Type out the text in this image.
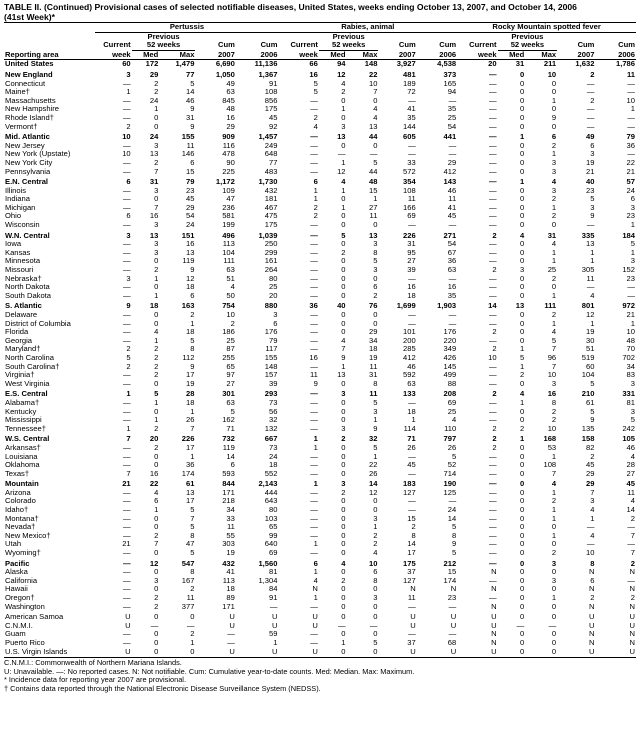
TABLE II. (Continued) Provisional cases of selected notifiable diseases, United States, weeks ending October 13, 2007, and October 14, 2006
(41st Week)*
	Pertussis					Rabies, animal					Rocky Mountain spotted fever				
		Previous					Previous					Previous			
	Current	52 weeks		Cum	Cum	Current	52 weeks		Cum	Cum	Current	52 weeks		Cum	Cum
Reporting area	week	Med	Max	2007	2006	week	Med	Max	2007	2006	week	Med	Max	2007	2006
United States	60	172	1,479	6,690	11,136	66	94	148	3,927	4,538	20	31	211	1,632	1,786
New England	3	29	77	1,050	1,367	16	12	22	481	373	—	0	10	2	11
Connecticut	—	2	5	49	91	5	4	10	189	165	—	0	0	—	—
Maine†	1	2	14	63	108	5	2	7	72	94	—	0	0	—	—
Massachusetts	—	24	46	845	856	—	0	0	—	—	—	0	1	2	10
New Hampshire	—	1	9	48	175	—	1	4	41	35	—	0	0	—	1
Rhode Island†	—	0	31	16	45	2	0	4	35	25	—	0	9	—	—
Vermont†	2	0	9	29	92	4	3	13	144	54	—	0	0	—	—
Mid. Atlantic	10	24	155	909	1,457	—	13	44	605	441	—	1	6	49	79
New Jersey	—	3	11	116	249	—	0	0	—	—	—	0	2	6	36
New York (Upstate)	10	13	146	478	648	—	—	—	—	—	—	0	1	3	—
New York City	—	2	6	90	77	—	1	5	33	29	—	0	3	19	22
Pennsylvania	—	7	15	225	483	—	12	44	572	412	—	0	3	21	21
E.N. Central	6	31	79	1,172	1,730	6	4	48	354	143	—	1	4	40	57
Illinois	—	3	23	109	432	1	1	15	108	46	—	0	3	23	24
Indiana	—	0	45	47	181	1	0	1	11	11	—	0	2	5	6
Michigan	—	7	29	236	467	2	1	27	166	41	—	0	1	3	3
Ohio	6	16	54	581	475	2	0	11	69	45	—	0	2	9	23
Wisconsin	—	3	24	199	175	—	0	0	—	—	—	0	0	—	1
W.N. Central	3	13	151	496	1,039	—	5	13	226	271	2	4	31	335	184
Iowa	—	3	16	113	250	—	0	3	31	54	—	0	4	13	5
Kansas	—	3	13	104	299	—	2	8	95	67	—	0	1	1	1
Minnesota	—	0	119	111	161	—	0	5	27	36	—	0	1	1	3
Missouri	—	2	9	63	264	—	0	3	39	63	2	3	25	305	152
Nebraska†	3	1	12	51	80	—	0	0	—	—	—	0	2	11	23
North Dakota	—	0	18	4	25	—	0	6	16	16	—	0	0	—	—
South Dakota	—	1	6	50	20	—	0	2	18	35	—	0	1	4	—
S. Atlantic	9	18	163	754	880	36	40	76	1,699	1,903	14	13	111	801	972
Delaware	—	0	2	10	3	—	0	0	—	—	—	0	2	12	21
District of Columbia	—	0	1	2	6	—	0	0	—	—	—	0	1	1	1
Florida	—	4	18	186	176	—	0	29	101	176	2	0	4	19	10
Georgia	—	1	5	25	79	—	4	34	200	220	—	0	5	30	48
Maryland†	2	2	8	87	117	—	7	18	285	349	2	1	7	51	70
North Carolina	5	2	112	255	155	16	9	19	412	426	10	5	96	519	702
South Carolina†	2	2	9	65	148	—	1	11	46	145	—	1	7	60	34
Virginia†	—	2	17	97	157	11	13	31	592	499	—	2	10	104	83
West Virginia	—	0	19	27	39	9	0	8	63	88	—	0	3	5	3
E.S. Central	1	5	28	301	293	—	3	11	133	208	2	4	16	210	331
Alabama†	—	1	18	63	73	—	0	5	—	69	—	1	8	61	81
Kentucky	—	0	1	5	56	—	0	3	18	25	—	0	2	5	3
Mississippi	—	1	26	162	32	—	0	1	1	4	—	0	2	9	5
Tennessee†	1	2	7	71	132	—	3	9	114	110	2	2	10	135	242
W.S. Central	7	20	226	732	667	1	2	32	71	797	2	1	168	158	105
Arkansas†	—	2	17	119	73	1	0	5	26	26	2	0	53	82	46
Louisiana	—	0	1	14	24	—	0	1	—	5	—	0	1	2	4
Oklahoma	—	0	36	6	18	—	0	22	45	52	—	0	108	45	28
Texas†	7	16	174	593	552	—	0	26	—	714	—	0	7	29	27
Mountain	21	22	61	844	2,143	1	3	14	183	190	—	0	4	29	45
Arizona	—	4	13	171	444	—	2	12	127	125	—	0	1	7	11
Colorado	—	6	17	218	643	—	0	0	—	—	—	0	2	3	4
Idaho†	—	1	5	34	80	—	0	0	—	24	—	0	1	4	14
Montana†	—	0	7	33	103	—	0	3	15	14	—	0	1	1	2
Nevada†	—	0	5	11	65	—	0	1	2	5	—	0	0	—	—
New Mexico†	—	2	8	55	99	—	0	2	8	8	—	0	1	4	7
Utah	21	7	47	303	640	1	0	2	14	9	—	0	0	—	—
Wyoming†	—	0	5	19	69	—	0	4	17	5	—	0	2	10	7
Pacific	—	12	547	432	1,560	6	4	10	175	212	—	0	3	8	2
Alaska	—	0	8	41	81	1	0	6	37	15	N	0	0	N	N
California	—	3	167	113	1,304	4	2	8	127	174	—	0	3	6	—
Hawaii	—	0	2	18	84	N	0	0	N	N	N	0	0	N	N
Oregon†	—	2	11	89	91	1	0	3	11	23	—	0	1	2	2
Washington	—	2	377	171	—	—	0	0	—	—	N	0	0	N	N
American Samoa	U	0	0	U	U	U	0	0	U	U	U	0	0	U	U
C.N.M.I.	U	—	—	U	U	U	—	—	U	U	U	—	—	U	U
Guam	—	0	2	—	59	—	0	0	—	—	N	0	0	N	N
Puerto Rico	—	0	1	—	1	—	1	5	37	68	N	0	0	N	N
U.S. Virgin Islands	U	0	0	U	U	U	0	0	U	U	U	0	0	U	U
C.N.M.I.: Commonwealth of Northern Mariana Islands.
U: Unavailable. —: No reported cases. N: Not notifiable. Cum: Cumulative year-to-date counts. Med: Median. Max: Maximum.
* Incidence data for reporting year 2007 are provisional.
† Contains data reported through the National Electronic Disease Surveillance System (NEDSS).
